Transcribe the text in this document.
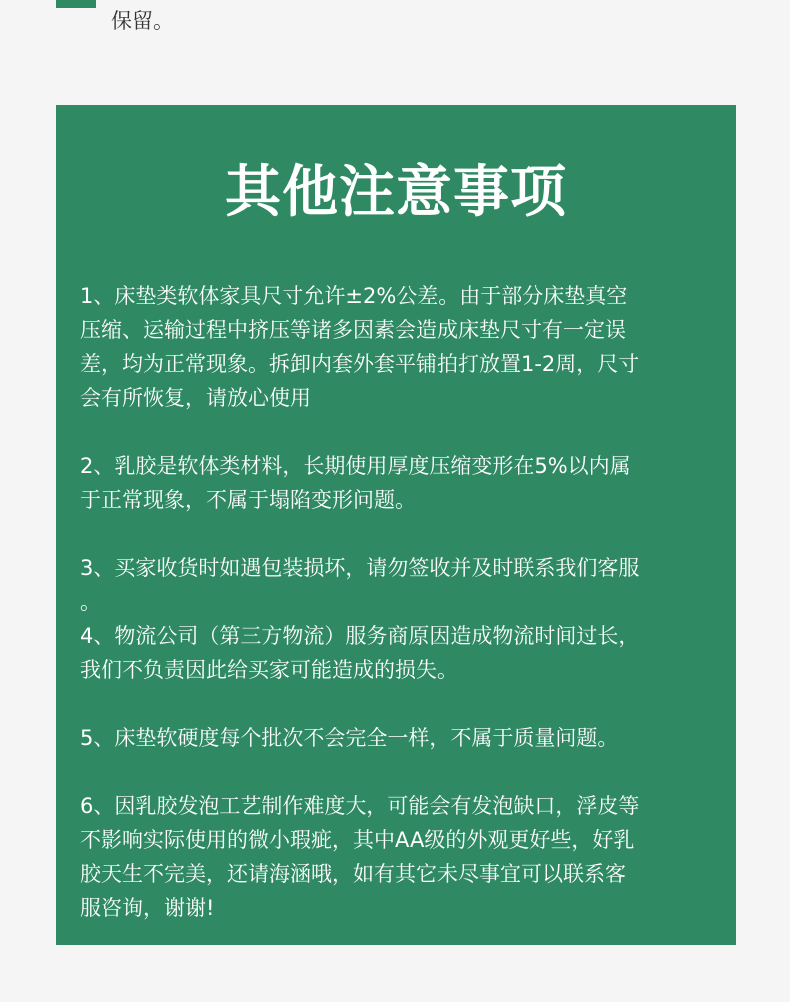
保留。
其他注意事项
1、床垫类软体家具尺寸允许±2%公差。由于部分床垫真空
压缩、运输过程中挤压等诸多因素会造成床垫尺寸有一定误
差，均为正常现象。拆卸内套外套平铺拍打放置1-2周，尺寸
会有所恢复，请放心使用
2、乳胶是软体类材料，长期使用厚度压缩变形在5%以内属
于正常现象，不属于塌陷变形问题。
3、买家收货时如遇包装损坏，请勿签收并及时联系我们客服
。
4、物流公司（第三方物流）服务商原因造成物流时间过长，
我们不负责因此给买家可能造成的损失。
5、床垫软硬度每个批次不会完全一样，不属于质量问题。
6、因乳胶发泡工艺制作难度大，可能会有发泡缺口，浮皮等
不影响实际使用的微小瑕疵，其中AA级的外观更好些，好乳
胶天生不完美，还请海涵哦，如有其它未尽事宜可以联系客
服咨询，谢谢!
